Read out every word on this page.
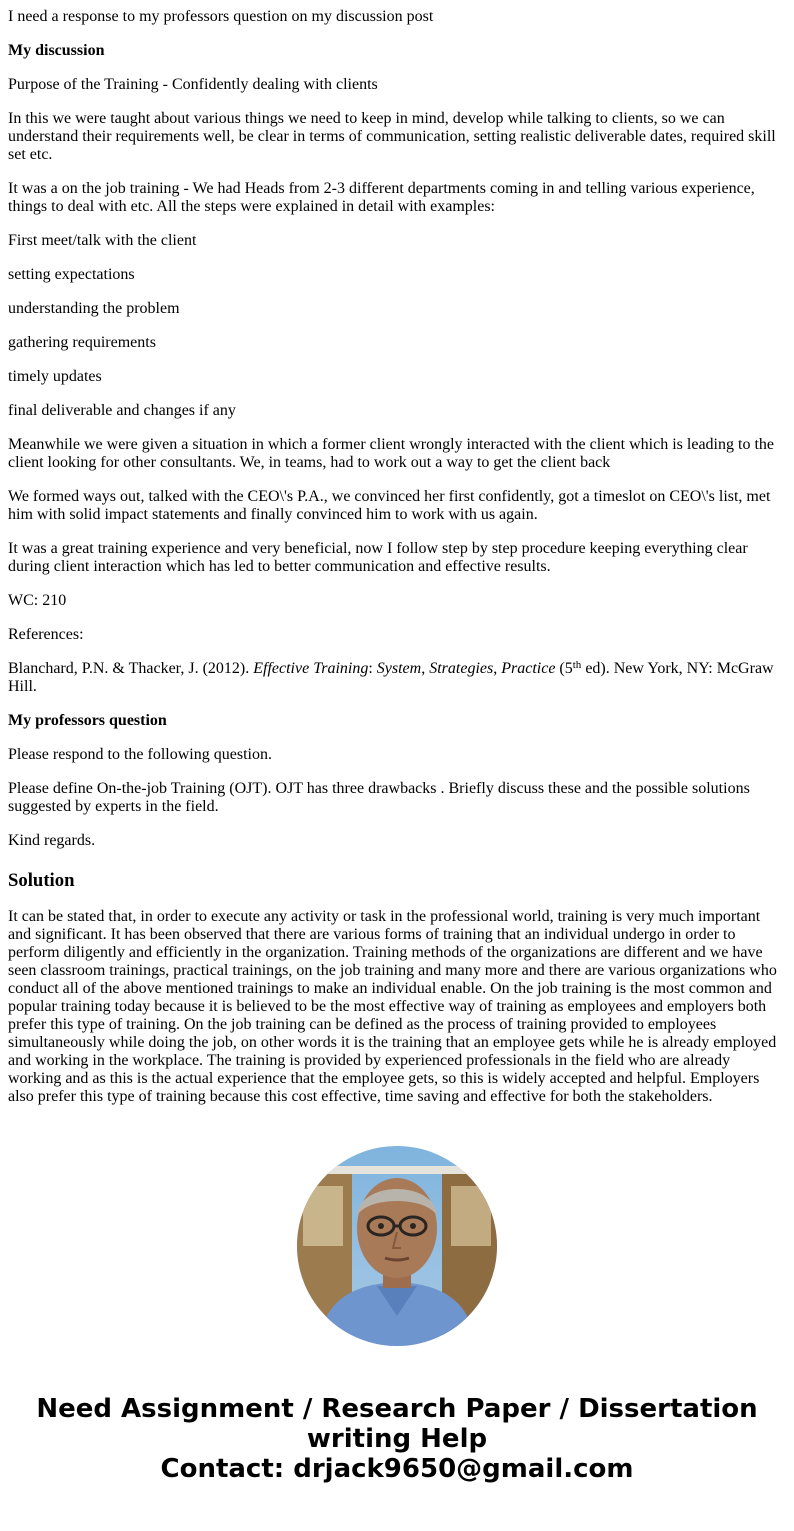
I need a response to my professors question on my discussion post

My discussion

Purpose of the Training - Confidently dealing with clients

In this we were taught about various things we need to keep in mind, develop while talking to clients, so we can understand their requirements well, be clear in terms of communication, setting realistic deliverable dates, required skill set etc.

It was a on the job training - We had Heads from 2-3 different departments coming in and telling various experience, things to deal with etc. All the steps were explained in detail with examples:

First meet/talk with the client

setting expectations

understanding the problem

gathering requirements

timely updates

final deliverable and changes if any

Meanwhile we were given a situation in which a former client wrongly interacted with the client which is leading to the client looking for other consultants. We, in teams, had to work out a way to get the client back

We formed ways out, talked with the CEO\'s P.A., we convinced her first confidently, got a timeslot on CEO\'s list, met him with solid impact statements and finally convinced him to work with us again.

It was a great training experience and very beneficial, now I follow step by step procedure keeping everything clear during client interaction which has led to better communication and effective results.

WC: 210

References:

Blanchard, P.N. & Thacker, J. (2012). Effective Training: System, Strategies, Practice (5th ed). New York, NY: McGraw Hill.

My professors question

Please respond to the following question.

Please define On-the-job Training (OJT). OJT has three drawbacks . Briefly discuss these and the possible solutions suggested by experts in the field.

Kind regards.

Solution

It can be stated that, in order to execute any activity or task in the professional world, training is very much important and significant. It has been observed that there are various forms of training that an individual undergo in order to perform diligently and efficiently in the organization. Training methods of the organizations are different and we have seen classroom trainings, practical trainings, on the job training and many more and there are various organizations who conduct all of the above mentioned trainings to make an individual enable. On the job training is the most common and popular training today because it is believed to be the most effective way of training as employees and employers both prefer this type of training. On the job training can be defined as the process of training provided to employees simultaneously while doing the job, on other words it is the training that an employee gets while he is already employed and working in the workplace. The training is provided by experienced professionals in the field who are already working and as this is the actual experience that the employee gets, so this is widely accepted and helpful. Employers also prefer this type of training because this cost effective, time saving and effective for both the stakeholders.

Need Assignment / Research Paper / Dissertation
writing Help
Contact: drjack9650@gmail.com
